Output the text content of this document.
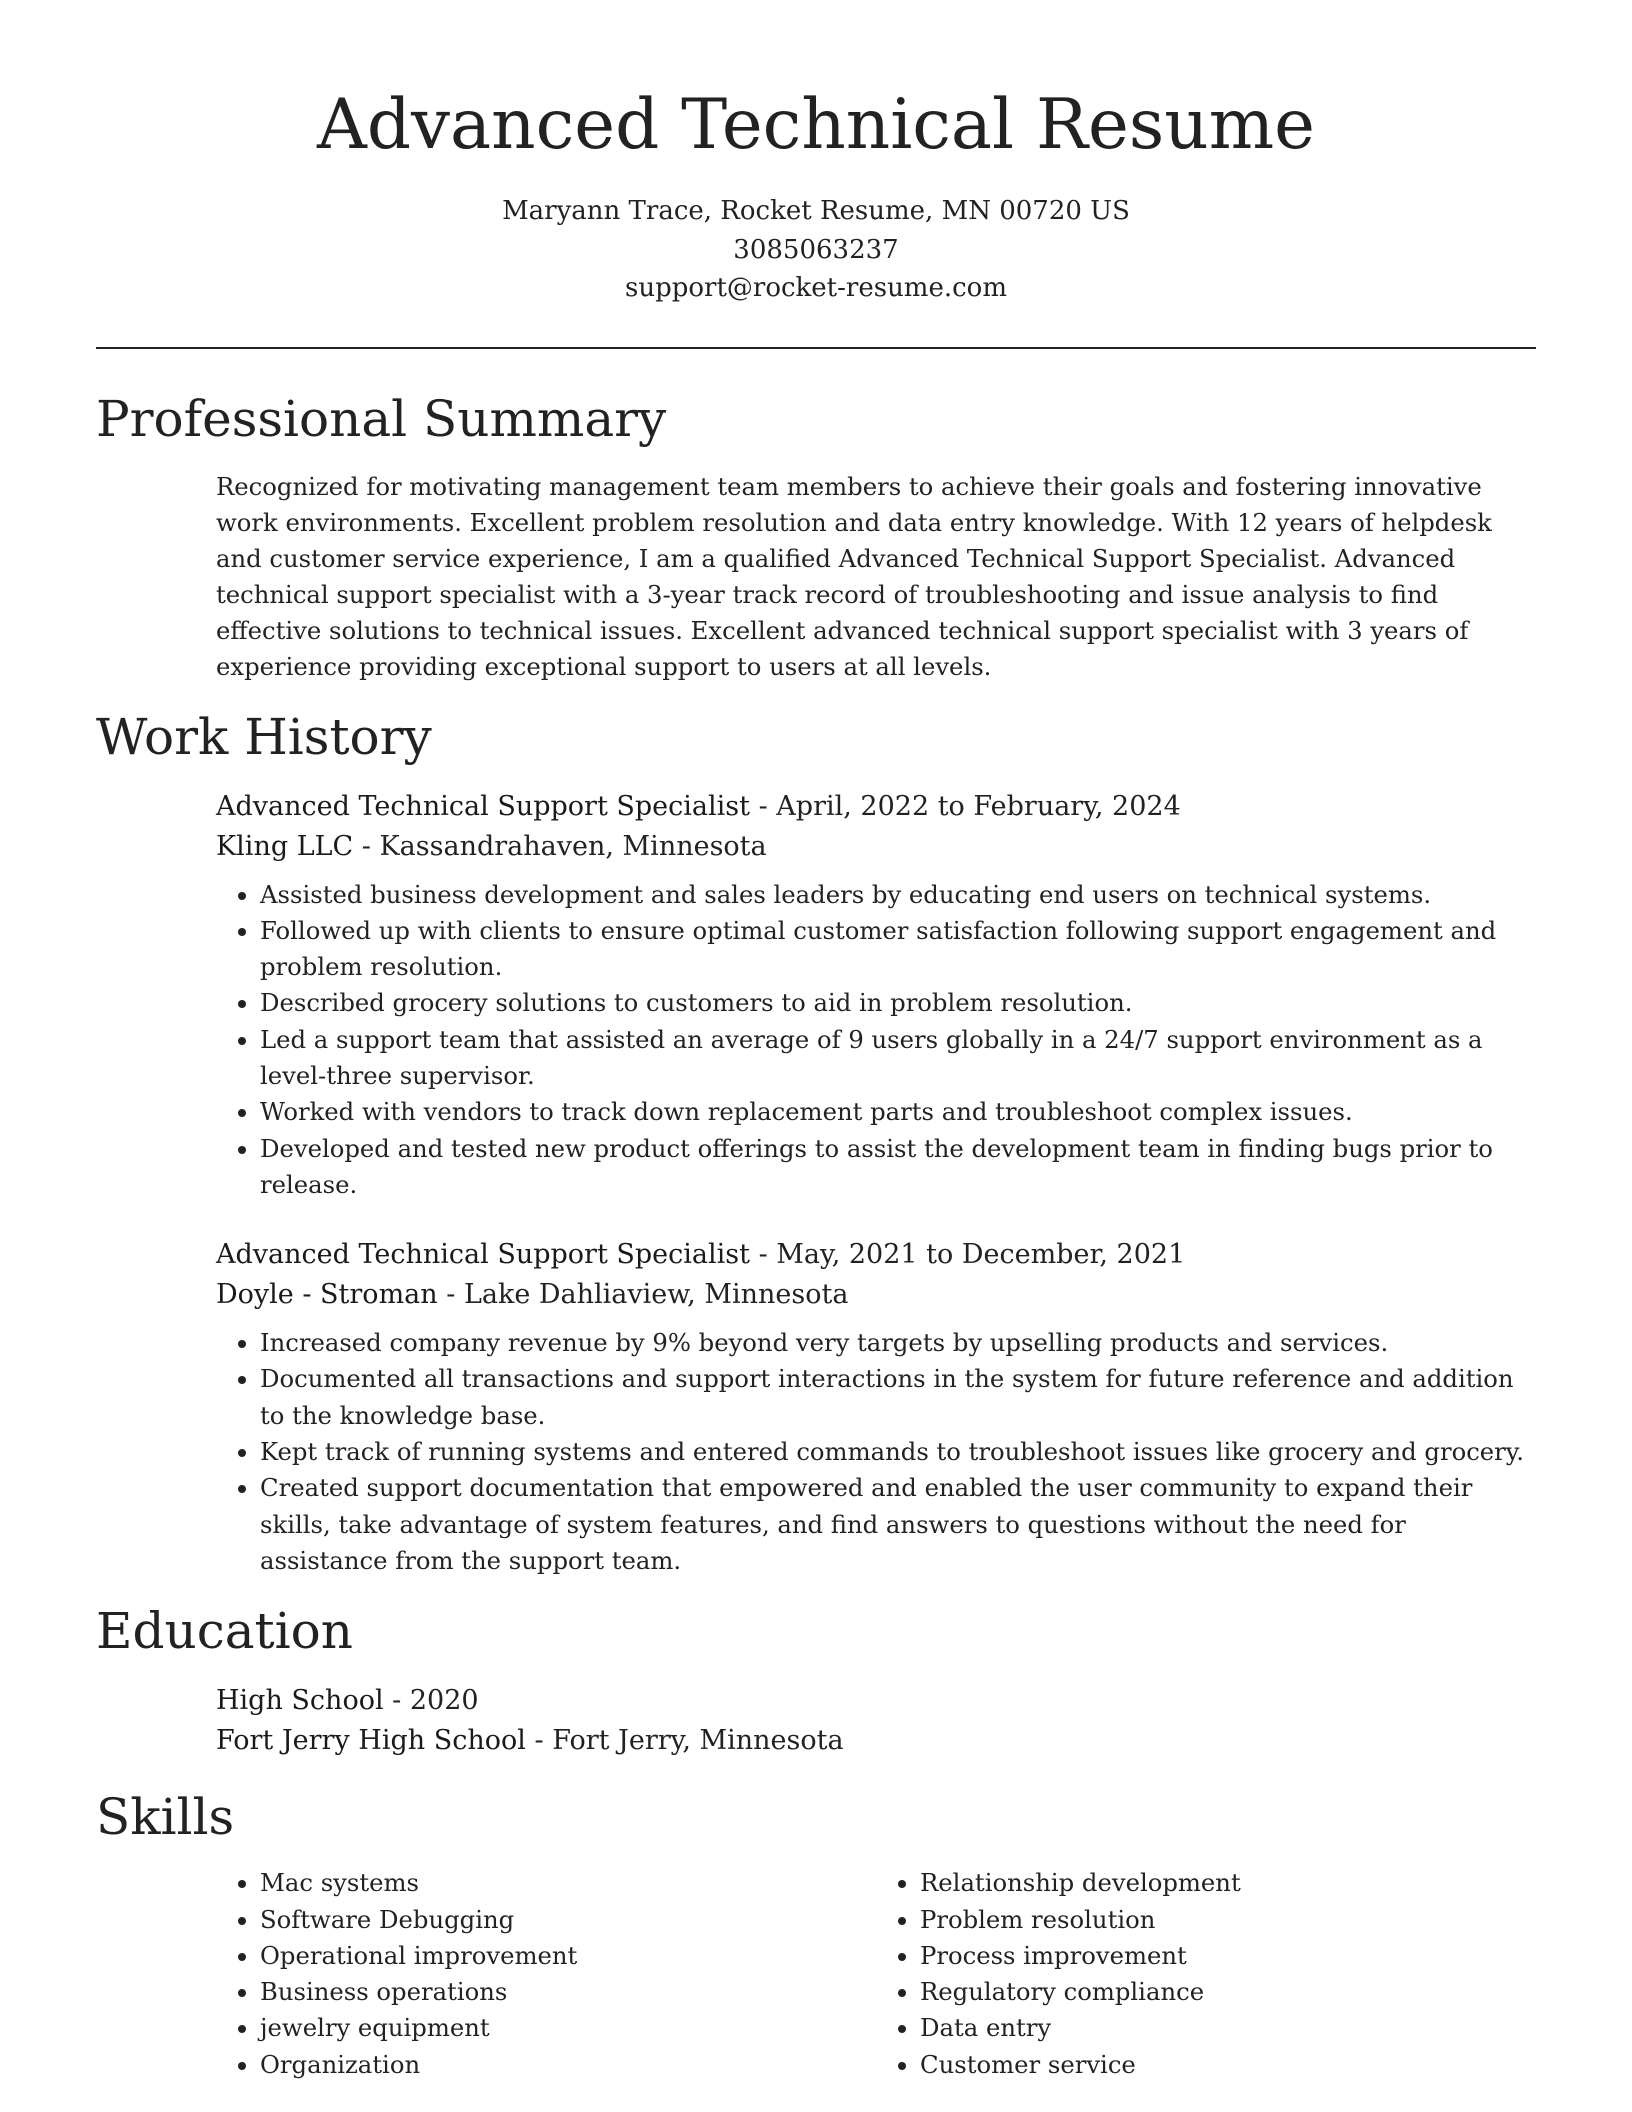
Advanced Technical Resume
Maryann Trace, Rocket Resume, MN 00720 US
3085063237
support@rocket-resume.com
Professional Summary
Recognized for motivating management team members to achieve their goals and fostering innovative work environments. Excellent problem resolution and data entry knowledge. With 12 years of helpdesk and customer service experience, I am a qualified Advanced Technical Support Specialist. Advanced technical support specialist with a 3-year track record of troubleshooting and issue analysis to find effective solutions to technical issues. Excellent advanced technical support specialist with 3 years of experience providing exceptional support to users at all levels.
Work History
Advanced Technical Support Specialist - April, 2022 to February, 2024
Kling LLC - Kassandrahaven, Minnesota
• Assisted business development and sales leaders by educating end users on technical systems.
• Followed up with clients to ensure optimal customer satisfaction following support engagement and problem resolution.
• Described grocery solutions to customers to aid in problem resolution.
• Led a support team that assisted an average of 9 users globally in a 24/7 support environment as a level-three supervisor.
• Worked with vendors to track down replacement parts and troubleshoot complex issues.
• Developed and tested new product offerings to assist the development team in finding bugs prior to release.
Advanced Technical Support Specialist - May, 2021 to December, 2021
Doyle - Stroman - Lake Dahliaview, Minnesota
• Increased company revenue by 9% beyond very targets by upselling products and services.
• Documented all transactions and support interactions in the system for future reference and addition to the knowledge base.
• Kept track of running systems and entered commands to troubleshoot issues like grocery and grocery.
• Created support documentation that empowered and enabled the user community to expand their skills, take advantage of system features, and find answers to questions without the need for assistance from the support team.
Education
High School - 2020
Fort Jerry High School - Fort Jerry, Minnesota
Skills
• Mac systems
• Software Debugging
• Operational improvement
• Business operations
• jewelry equipment
• Organization
• Relationship development
• Problem resolution
• Process improvement
• Regulatory compliance
• Data entry
• Customer service
